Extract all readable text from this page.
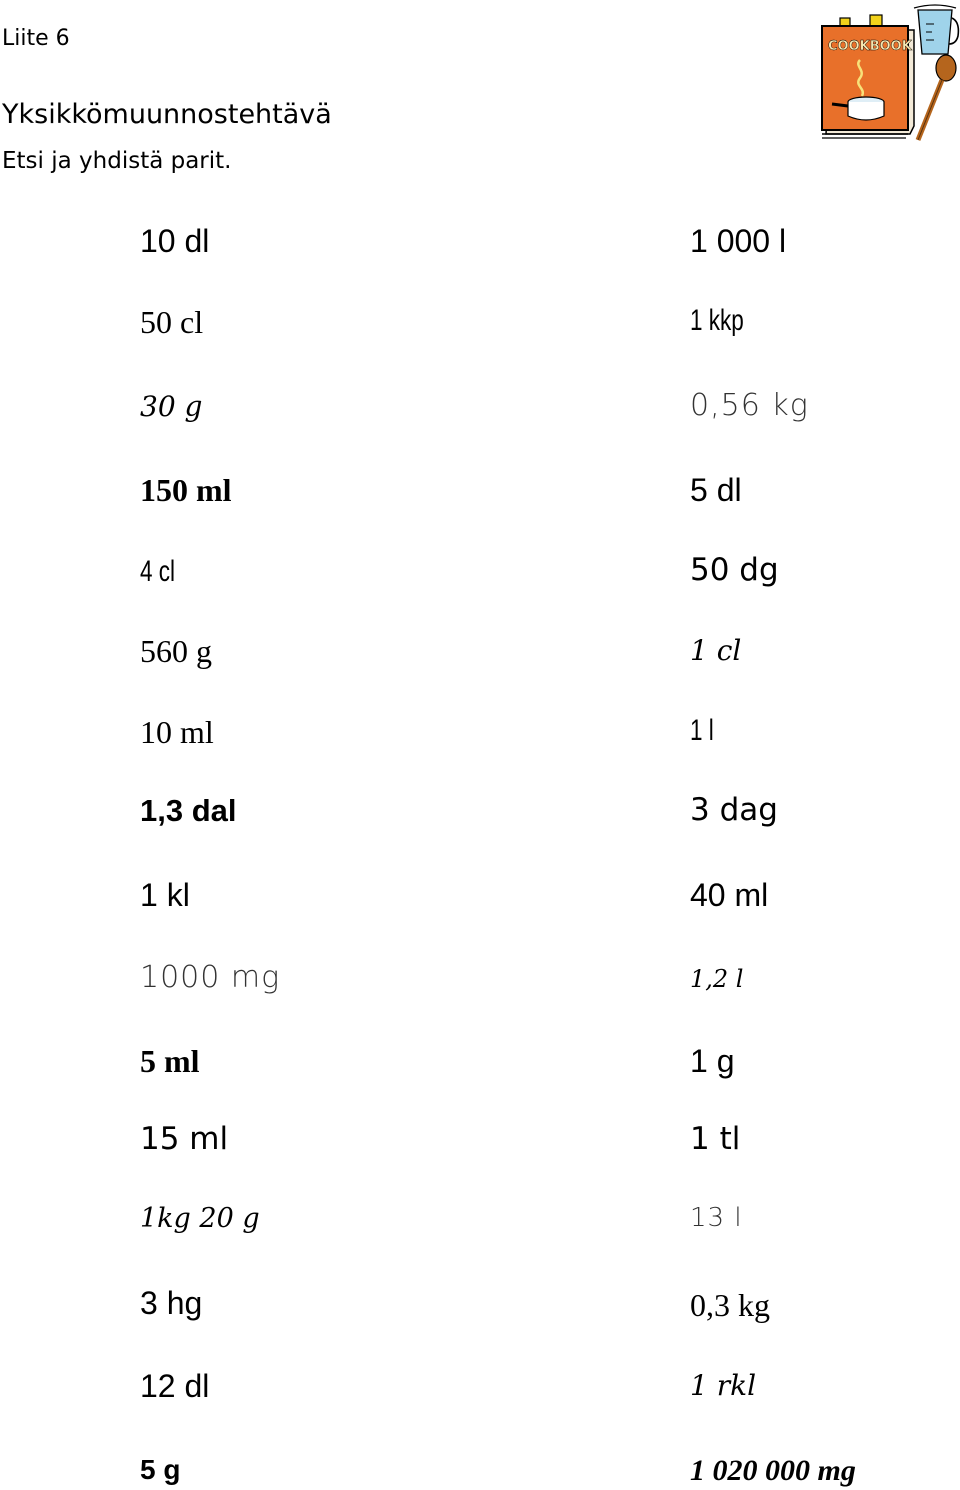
Liite 6
Yksikkömuunnostehtävä
Etsi ja yhdistä parit.
COOKBOOK
10 dl
50 cl
30 g
150 ml
4 cl
560 g
10 ml
1,3 dal
1 kl
1000 mg
5 ml
15 ml
1kg 20 g
3 hg
12 dl
5 g
1 000 l
1 kkp
0,56 kg
5 dl
50 dg
1 cl
1 l
3 dag
40 ml
1,2 l
1 g
1 tl
13 l
0,3 kg
1 rkl
1 020 000 mg
